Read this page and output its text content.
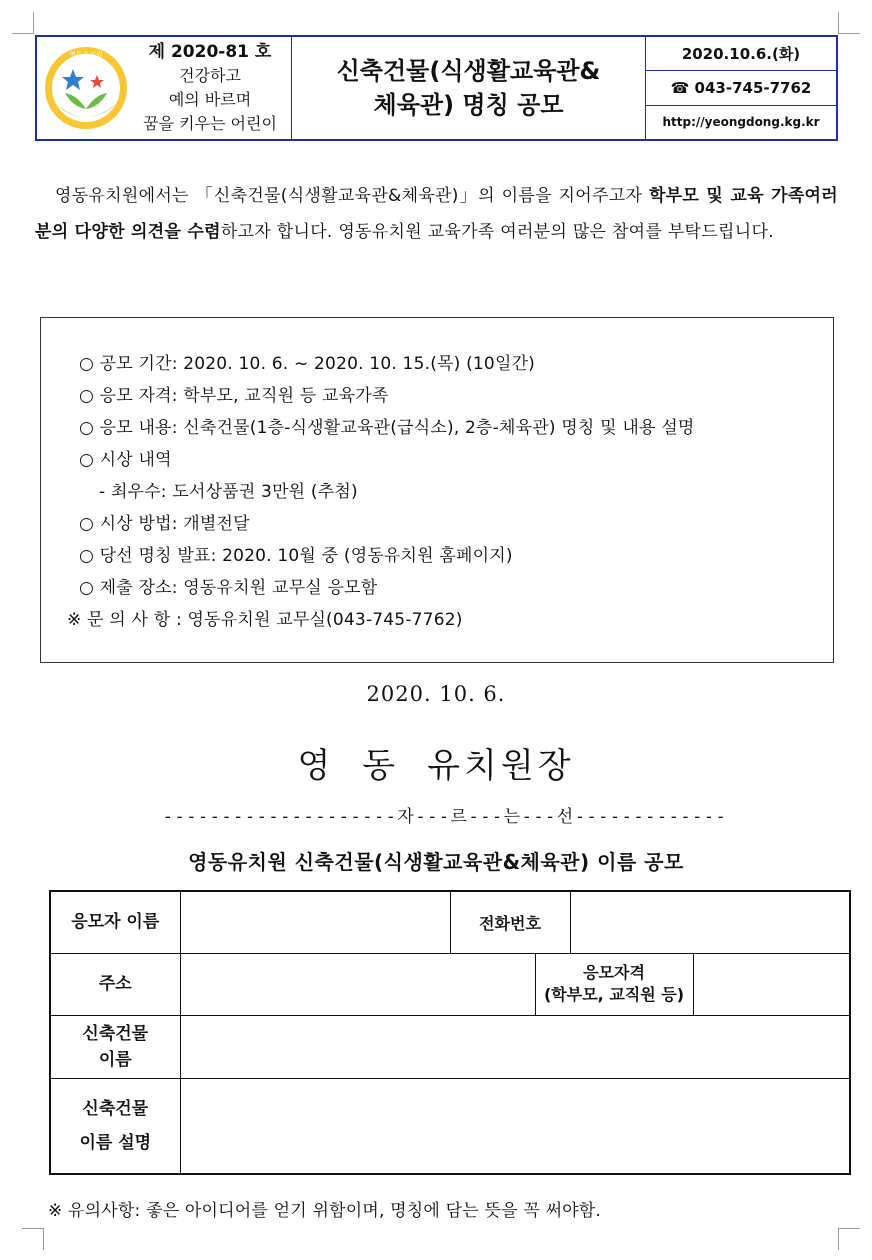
영동유치원	제 2020-81 호
건강하고
예의 바르며
꿈을 키우는 어린이
신축건물(식생활교육관&
체육관) 명칭 공모
2020.10.6.(화)
☎ 043-745-7762
http://yeongdong.kg.kr

영동유치원에서는 「신축건물(식생활교육관&체육관)」의 이름을 지어주고자 학부모 및 교육 가족여러분의 다양한 의견을 수렴하고자 합니다. 영동유치원 교육가족 여러분의 많은 참여를 부탁드립니다.

○ 공모 기간: 2020. 10. 6. ~ 2020. 10. 15.(목) (10일간)
○ 응모 자격: 학부모, 교직원 등 교육가족
○ 응모 내용: 신축건물(1층-식생활교육관(급식소), 2층-체육관) 명칭 및 내용 설명
○ 시상 내역
- 최우수: 도서상품권 3만원 (추첨)
○ 시상 방법: 개별전달
○ 당선 명칭 발표: 2020. 10월 중 (영동유치원 홈페이지)
○ 제출 장소: 영동유치원 교무실 응모함
※ 문 의 사 항 : 영동유치원 교무실(043-745-7762)
2020. 10. 6.
영 동 유치원장
--------------------자---르---는---선-------------
영동유치원 신축건물(식생활교육관&체육관) 이름 공모
응모자 이름		전화번호			
주소			응모자격
(학부모, 교직원 등)		

신축건물
이름					

신축건물
이름 설명					

※ 유의사항: 좋은 아이디어를 얻기 위함이며, 명칭에 담는 뜻을 꼭 써야함.
